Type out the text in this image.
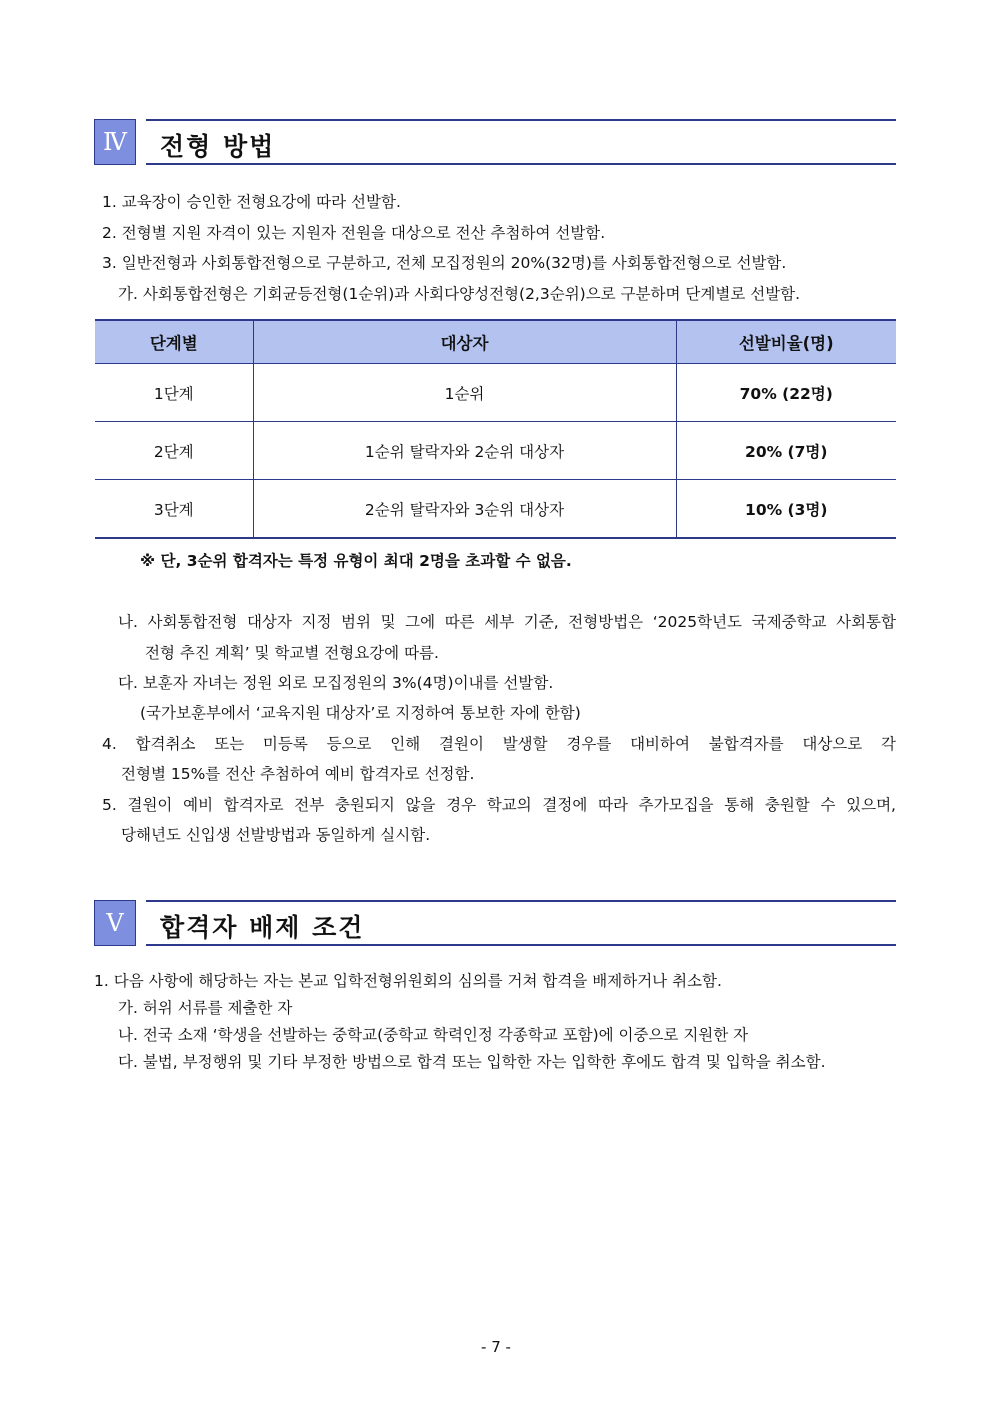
Ⅳ	전형 방법
1. 교육장이 승인한 전형요강에 따라 선발함.
2. 전형별 지원 자격이 있는 지원자 전원을 대상으로 전산 추첨하여 선발함.
3. 일반전형과 사회통합전형으로 구분하고, 전체 모집정원의 20%(32명)를 사회통합전형으로 선발함.
가. 사회통합전형은 기회균등전형(1순위)과 사회다양성전형(2,3순위)으로 구분하며 단계별로 선발함.
단계별	대상자	선발비율(명)
1단계	1순위	70% (22명)
2단계	1순위 탈락자와 2순위 대상자	20% (7명)
3단계	2순위 탈락자와 3순위 대상자	10% (3명)
※ 단, 3순위 합격자는 특정 유형이 최대 2명을 초과할 수 없음.
나. 사회통합전형 대상자 지정 범위 및 그에 따른 세부 기준, 전형방법은 ‘2025학년도 국제중학교 사회통합
전형 추진 계획’ 및 학교별 전형요강에 따름.
다. 보훈자 자녀는 정원 외로 모집정원의 3%(4명)이내를 선발함.
(국가보훈부에서 ‘교육지원 대상자’로 지정하여 통보한 자에 한함)
4. 합격취소 또는 미등록 등으로 인해 결원이 발생할 경우를 대비하여 불합격자를 대상으로 각
전형별 15%를 전산 추첨하여 예비 합격자로 선정함.
5. 결원이 예비 합격자로 전부 충원되지 않을 경우 학교의 결정에 따라 추가모집을 통해 충원할 수 있으며,
당해년도 신입생 선발방법과 동일하게 실시함.
Ⅴ	합격자 배제 조건
1. 다음 사항에 해당하는 자는 본교 입학전형위원회의 심의를 거쳐 합격을 배제하거나 취소함.
가. 허위 서류를 제출한 자
나. 전국 소재 ‘학생을 선발하는 중학교(중학교 학력인정 각종학교 포함)에 이중으로 지원한 자
다. 불법, 부정행위 및 기타 부정한 방법으로 합격 또는 입학한 자는 입학한 후에도 합격 및 입학을 취소함.
- 7 -
